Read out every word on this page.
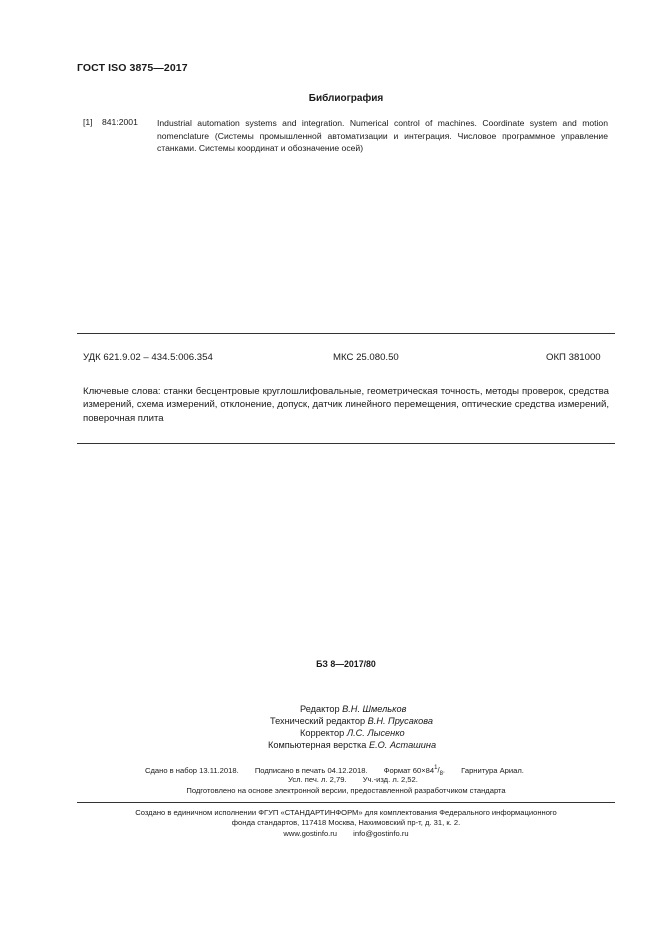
ГОСТ ISO 3875—2017
Библиография
[1] 841:2001 Industrial automation systems and integration. Numerical control of machines. Coordinate system and motion nomenclature (Системы промышленной автоматизации и интеграция. Числовое программное управление станками. Системы координат и обозначение осей)
УДК 621.9.02 – 434.5:006.354	МКС 25.080.50	ОКП 381000
Ключевые слова: станки бесцентровые круглошлифовальные, геометрическая точность, методы проверок, средства измерений, схема измерений, отклонение, допуск, датчик линейного перемещения, оптические средства измерений, поверочная плита
БЗ 8—2017/80
Редактор В.Н. Шмельков
Технический редактор В.Н. Прусакова
Корректор Л.С. Лысенко
Компьютерная верстка Е.О. Асташина
Сдано в набор 13.11.2018. Подписано в печать 04.12.2018. Формат $60\times 84^1/_8$. Гарнитура Ариал.
Усл. печ. л. 2,79. Уч.-изд. л. 2,52.
Подготовлено на основе электронной версии, предоставленной разработчиком стандарта
Создано в единичном исполнении ФГУП «СТАНДАРТИНФОРМ» для комплектования Федерального информационного
фонда стандартов, 117418 Москва, Нахимовский пр-т, д. 31, к. 2.
www.gostinfo.ru info@gostinfo.ru
